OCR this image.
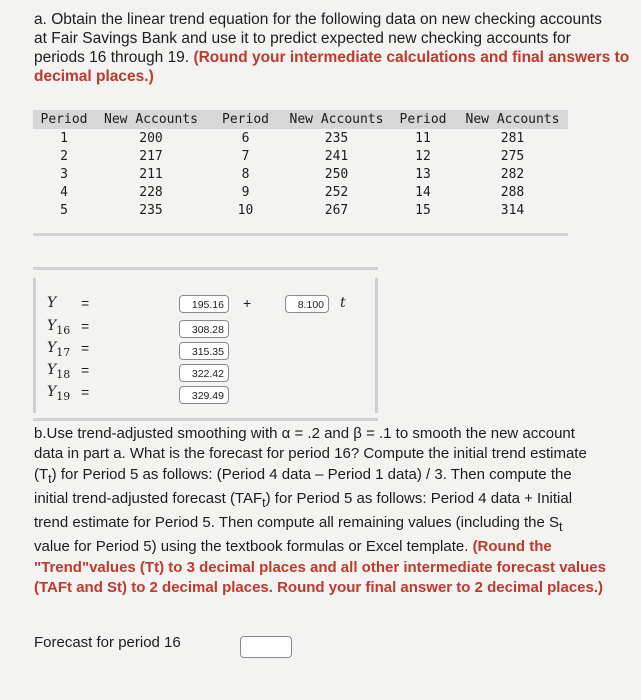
a. Obtain the linear trend equation for the following data on new checking accounts

at Fair Savings Bank and use it to predict expected new checking accounts for

periods 16 through 19. (Round your intermediate calculations and final answers to

decimal places.)

Period	New Accounts	Period	New Accounts	Period	New Accounts
1	200	6	235	11	281
2	217	7	241	12	275
3	211	8	250	13	282
4	228	9	252	14	288
5	235	10	267	15	314
Y	=	195.16	+	8.100	t
$Y_{16}$ =	308.28
$Y_{17}$ =	315.35
$Y_{18}$ =	322.42
$Y_{19}$ =	329.49

b.Use trend-adjusted smoothing with α = .2 and β = .1 to smooth the new account

data in part a. What is the forecast for period 16? Compute the initial trend estimate

$(T_t)$ for Period 5 as follows: (Period 4 data – Period 1 data) / 3. Then compute the

initial trend-adjusted forecast $(TAF_t)$ for Period 5 as follows: Period 4 data + Initial

trend estimate for Period 5. Then compute all remaining values (including the $S_t$

value for Period 5) using the textbook formulas or Excel template. (Round the

"Trend"values (Tt) to 3 decimal places and all other intermediate forecast values

(TAFt and St) to 2 decimal places. Round your final answer to 2 decimal places.)

Forecast for period 16
